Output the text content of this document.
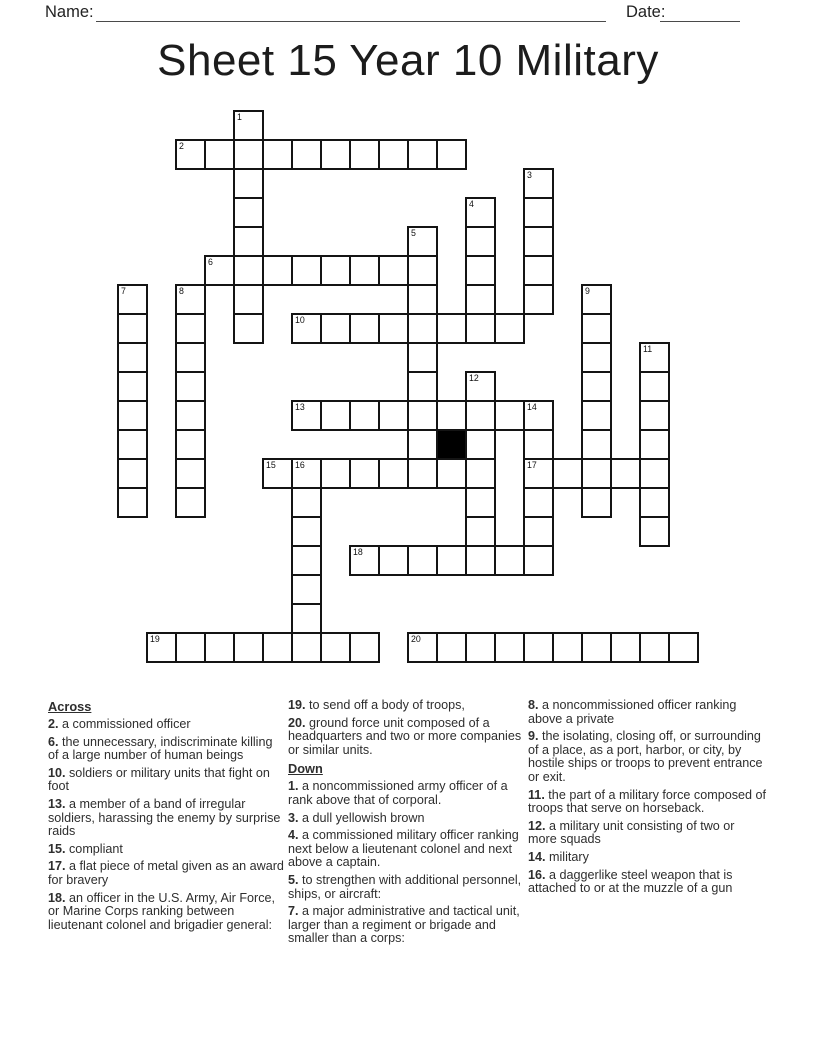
Name:	Date:
Sheet 15 Year 10 Military
1
2
3
4
5
6
7	8	9
10
11
12
13	14
15	16	17
18
19	20
Across
2. a commissioned officer
6. the unnecessary, indiscriminate killing of a large number of human beings
10. soldiers or military units that fight on foot
13. a member of a band of irregular soldiers, harassing the enemy by surprise raids
15. compliant
17. a flat piece of metal given as an award for bravery
18. an officer in the U.S. Army, Air Force, or Marine Corps ranking between lieutenant colonel and brigadier general:
19. to send off a body of troops,
20. ground force unit composed of a headquarters and two or more companies or similar units.
Down
1. a noncommissioned army officer of a rank above that of corporal.
3. a dull yellowish brown
4. a commissioned military officer ranking next below a lieutenant colonel and next above a captain.
5. to strengthen with additional personnel, ships, or aircraft:
7. a major administrative and tactical unit, larger than a regiment or brigade and smaller than a corps:
8. a noncommissioned officer ranking above a private
9. the isolating, closing off, or surrounding of a place, as a port, harbor, or city, by hostile ships or troops to prevent entrance or exit.
11. the part of a military force composed of troops that serve on horseback.
12. a military unit consisting of two or more squads
14. military
16. a daggerlike steel weapon that is attached to or at the muzzle of a gun
